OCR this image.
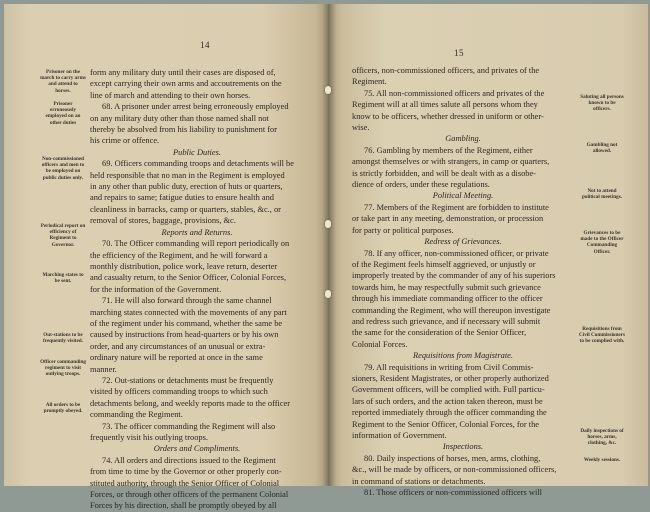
14
Prisoner on the march to carry arms and attend to horses.
Prisoner erroneously employed on an other duties
Non-commissioned officers and men to be employed on public duties only.
Periodical report on efficiency of Regiment to Governor.
Marching states to be sent.
Out-stations to be frequently visited.
Officer commanding regiment to visit outlying troops.
All orders to be promptly obeyed.

form any military duty until their cases are disposed of,

except carrying their own arms and accoutrements on the

line of march and attending to their own horses.

68. A prisoner under arrest being erroneously employed

on any military duty other than those named shall not

thereby be absolved from his liability to punishment for

his crime or offence.

Public Duties.

69. Officers commanding troops and detachments will be

held responsible that no man in the Regiment is employed

in any other than public duty, erection of huts or quarters,

and repairs to same; fatigue duties to ensure health and

cleanliness in barracks, camp or quarters, stables, &c., or

removal of stores, baggage, provisions, &c.

Reports and Returns.

70. The Officer commanding will report periodically on

the efficiency of the Regiment, and he will forward a

monthly distribution, police work, leave return, deserter

and casualty return, to the Senior Officer, Colonial Forces,

for the information of the Government.

71. He will also forward through the same channel

marching states connected with the movements of any part

of the regiment under his command, whether the same be

caused by instructions from head-quarters or by his own

order, and any circumstances of an unusual or extra-

ordinary nature will be reported at once in the same

manner.

72. Out-stations or detachments must be frequently

visited by officers commanding troops to which such

detachments belong, and weekly reports made to the officer

commanding the Regiment.

73. The officer commanding the Regiment will also

frequently visit his outlying troops.

Orders and Compliments.

74. All orders and directions issued to the Regiment

from time to time by the Governor or other properly con-

stituted authority, through the Senior Officer of Colonial

Forces, or through other officers of the permanent Colonial

Forces by his direction, shall be promptly obeyed by all

15

officers, non-commissioned officers, and privates of the

Regiment.

75. All non-commissioned officers and privates of the

Regiment will at all times salute all persons whom they

know to be officers, whether dressed in uniform or other-

wise.

Gambling.

76. Gambling by members of the Regiment, either

amongst themselves or with strangers, in camp or quarters,

is strictly forbidden, and will be dealt with as a disobe-

dience of orders, under these regulations.

Political Meeting.

77. Members of the Regiment are forbidden to institute

or take part in any meeting, demonstration, or procession

for party or political purposes.

Redress of Grievances.

78. If any officer, non-commissioned officer, or private

of the Regiment feels himself aggrieved, or unjustly or

improperly treated by the commander of any of his superiors

towards him, he may respectfully submit such grievance

through his immediate commanding officer to the officer

commanding the Regiment, who will thereupon investigate

and redress such grievance, and if necessary will submit

the same for the consideration of the Senior Officer,

Colonial Forces.

Requisitions from Magistrate.

79. All requisitions in writing from Civil Commis-

sioners, Resident Magistrates, or other properly authorized

Government officers, will be complied with. Full particu-

lars of such orders, and the action taken thereon, must be

reported immediately through the officer commanding the

Regiment to the Senior Officer, Colonial Forces, for the

information of Government.

Inspections.

80. Daily inspections of horses, men, arms, clothing,

&c., will be made by officers, or non-commissioned officers,

in command of stations or detachments.

81. Those officers or non-commissioned officers will

Saluting all persons known to be officers.
Gambling not allowed.
Not to attend political meetings.
Grievances to be made to the Officer Commanding Officer.
Requisitions from Civil Commissioners to be complied with.
Daily inspections of horses, arms, clothing, &c.
Weekly sessions.
